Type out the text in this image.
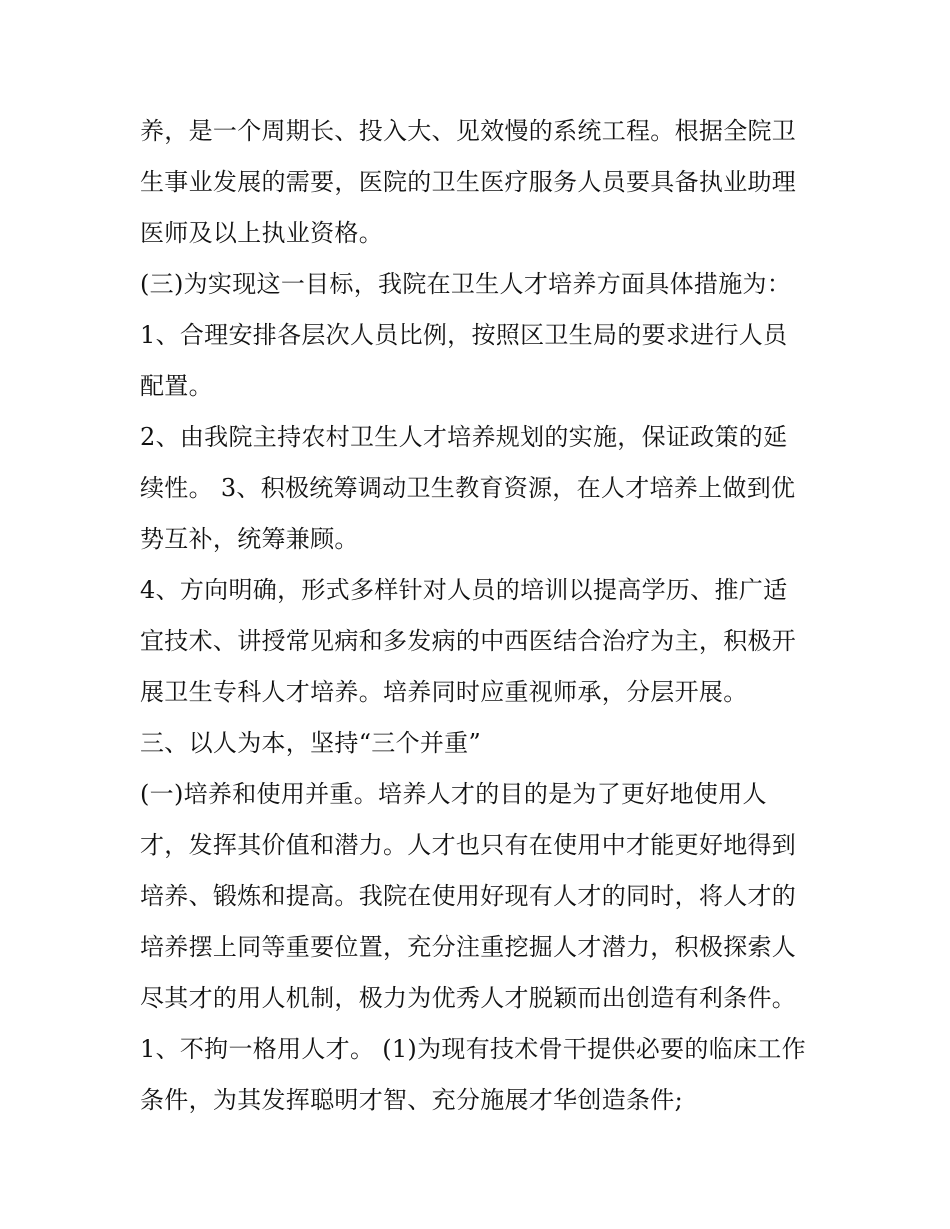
养，是一个周期长、投入大、见效慢的系统工程。根据全院卫
生事业发展的需要，医院的卫生医疗服务人员要具备执业助理
医师及以上执业资格。
(三)为实现这一目标，我院在卫生人才培养方面具体措施为：
1、合理安排各层次人员比例，按照区卫生局的要求进行人员
配置。
2、由我院主持农村卫生人才培养规划的实施，保证政策的延
续性。 3、积极统筹调动卫生教育资源，在人才培养上做到优
势互补，统筹兼顾。
4、方向明确，形式多样针对人员的培训以提高学历、推广适
宜技术、讲授常见病和多发病的中西医结合治疗为主，积极开
展卫生专科人才培养。培养同时应重视师承，分层开展。
三、以人为本，坚持“三个并重”
(一)培养和使用并重。培养人才的目的是为了更好地使用人
才，发挥其价值和潜力。人才也只有在使用中才能更好地得到
培养、锻炼和提高。我院在使用好现有人才的同时，将人才的
培养摆上同等重要位置，充分注重挖掘人才潜力，积极探索人
尽其才的用人机制，极力为优秀人才脱颖而出创造有利条件。
1、不拘一格用人才。 (1)为现有技术骨干提供必要的临床工作
条件，为其发挥聪明才智、充分施展才华创造条件;
